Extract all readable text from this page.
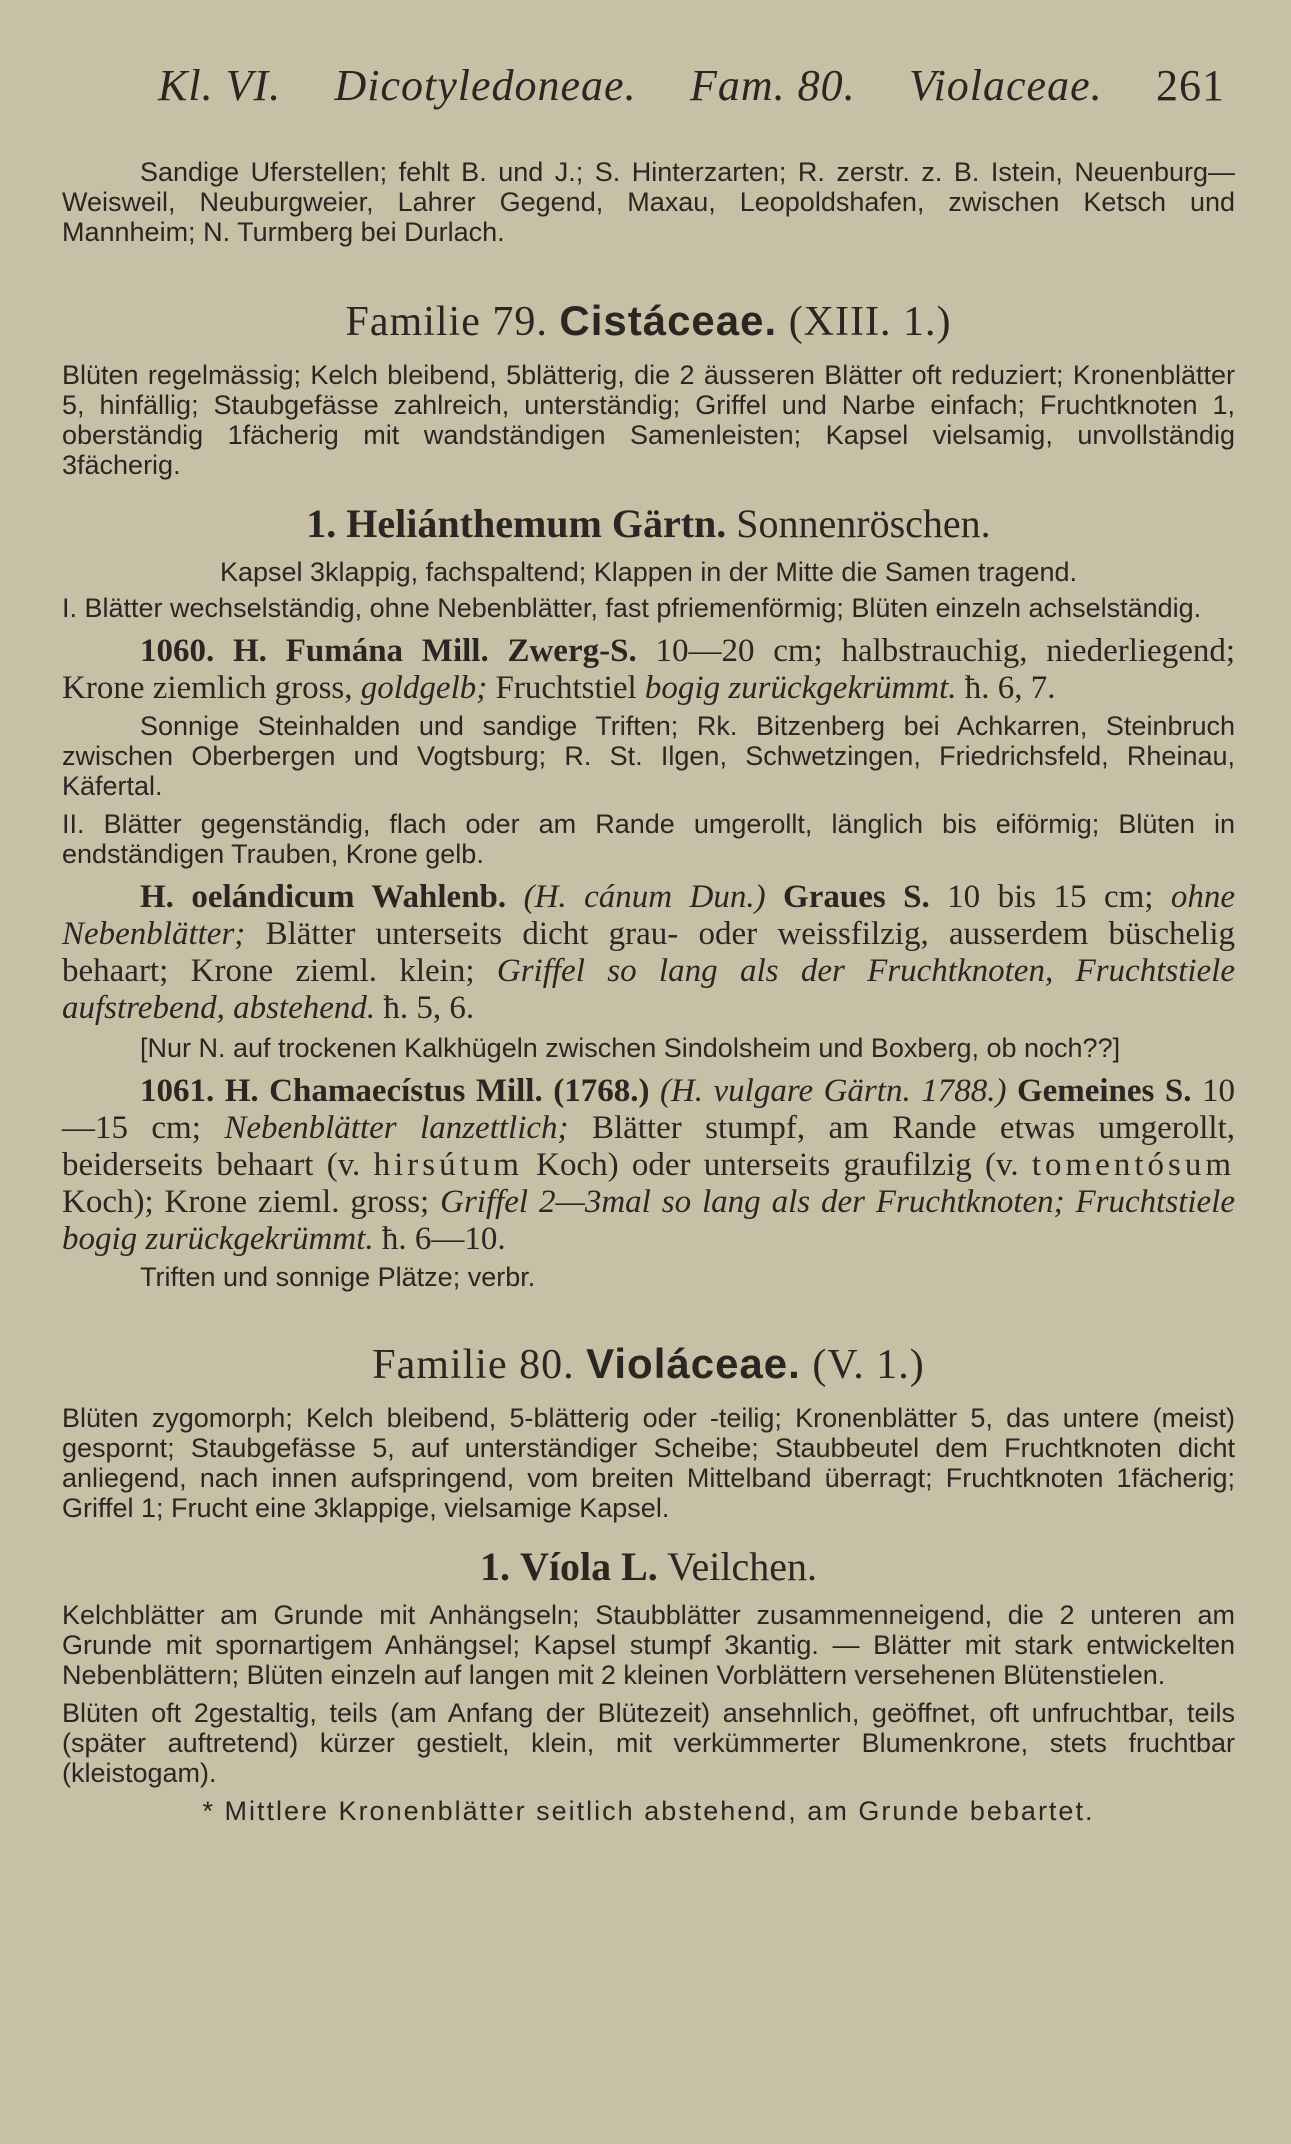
Kl. VI. Dicotyledoneae. Fam. 80. Violaceae. 261

Sandige Uferstellen; fehlt B. und J.; S. Hinterzarten; R. zerstr. z. B. Istein, Neuenburg—Weisweil, Neuburgweier, Lahrer Gegend, Maxau, Leopoldshafen, zwischen Ketsch und Mannheim; N. Turmberg bei Durlach.

Familie 79. Cistáceae. (XIII. 1.)

Blüten regelmässig; Kelch bleibend, 5blätterig, die 2 äusseren Blätter oft reduziert; Kronenblätter 5, hinfällig; Staubgefässe zahlreich, unterständig; Griffel und Narbe einfach; Fruchtknoten 1, oberständig 1fächerig mit wandständigen Samenleisten; Kapsel vielsamig, unvollständig 3fächerig.

1. Heliánthemum Gärtn. Sonnenröschen.

Kapsel 3klappig, fachspaltend; Klappen in der Mitte die Samen tragend.

I. Blätter wechselständig, ohne Nebenblätter, fast pfriemenförmig; Blüten einzeln achselständig.

1060. H. Fumána Mill. Zwerg-S. 10—20 cm; halbstrauchig, niederliegend; Krone ziemlich gross, goldgelb; Fruchtstiel bogig zurückgekrümmt. ħ. 6, 7.

Sonnige Steinhalden und sandige Triften; Rk. Bitzenberg bei Achkarren, Steinbruch zwischen Oberbergen und Vogtsburg; R. St. Ilgen, Schwetzingen, Friedrichsfeld, Rheinau, Käfertal.

II. Blätter gegenständig, flach oder am Rande umgerollt, länglich bis eiförmig; Blüten in endständigen Trauben, Krone gelb.

H. oelándicum Wahlenb. (H. cánum Dun.) Graues S. 10 bis 15 cm; ohne Nebenblätter; Blätter unterseits dicht grau- oder weissfilzig, ausserdem büschelig behaart; Krone zieml. klein; Griffel so lang als der Fruchtknoten, Fruchtstiele aufstrebend, abstehend. ħ. 5, 6.

[Nur N. auf trockenen Kalkhügeln zwischen Sindolsheim und Boxberg, ob noch??]

1061. H. Chamaecístus Mill. (1768.) (H. vulgare Gärtn. 1788.) Gemeines S. 10—15 cm; Nebenblätter lanzettlich; Blätter stumpf, am Rande etwas umgerollt, beiderseits behaart (v. hirsútum Koch) oder unterseits graufilzig (v. tomentósum Koch); Krone zieml. gross; Griffel 2—3mal so lang als der Fruchtknoten; Fruchtstiele bogig zurückgekrümmt. ħ. 6—10.

Triften und sonnige Plätze; verbr.

Familie 80. Violáceae. (V. 1.)

Blüten zygomorph; Kelch bleibend, 5-blätterig oder -teilig; Kronenblätter 5, das untere (meist) gespornt; Staubgefässe 5, auf unterständiger Scheibe; Staubbeutel dem Fruchtknoten dicht anliegend, nach innen aufspringend, vom breiten Mittelband überragt; Fruchtknoten 1fächerig; Griffel 1; Frucht eine 3klappige, vielsamige Kapsel.

1. Víola L. Veilchen.

Kelchblätter am Grunde mit Anhängseln; Staubblätter zusammenneigend, die 2 unteren am Grunde mit spornartigem Anhängsel; Kapsel stumpf 3kantig. — Blätter mit stark entwickelten Nebenblättern; Blüten einzeln auf langen mit 2 kleinen Vorblättern versehenen Blütenstielen.

Blüten oft 2gestaltig, teils (am Anfang der Blütezeit) ansehnlich, geöffnet, oft unfruchtbar, teils (später auftretend) kürzer gestielt, klein, mit verkümmerter Blumenkrone, stets fruchtbar (kleistogam).

* Mittlere Kronenblätter seitlich abstehend, am Grunde bebartet.
